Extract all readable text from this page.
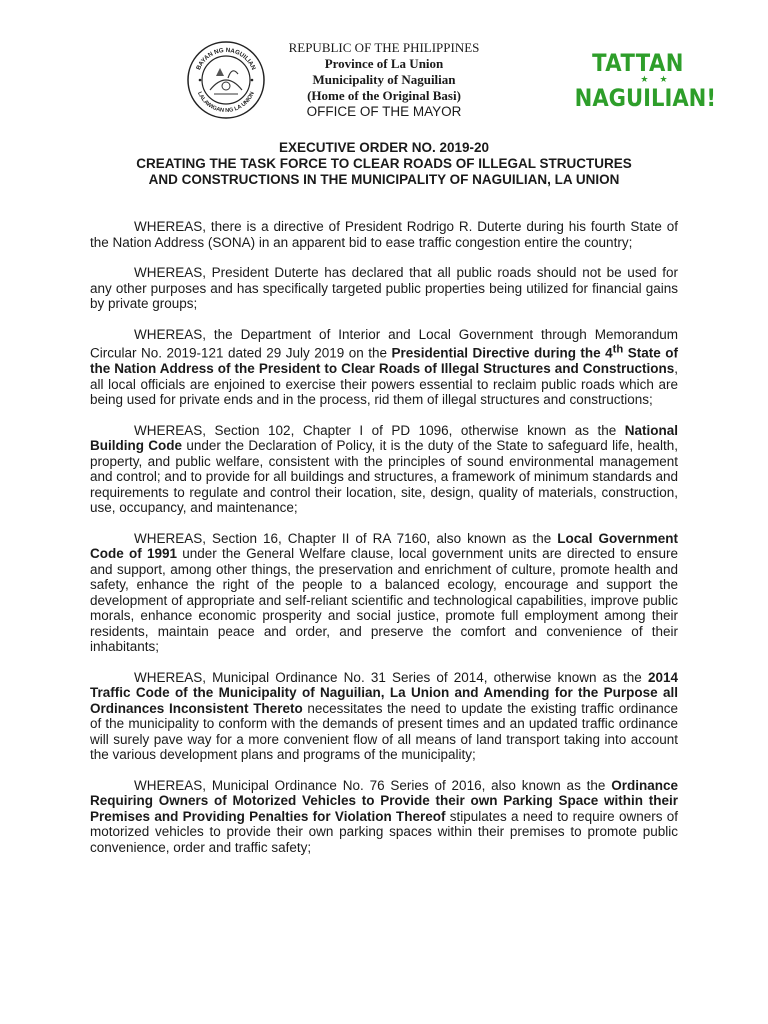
BAYAN NG NAGUILIAN
LALAWIGAN NG LA UNION
REPUBLIC OF THE PHILIPPINES
Province of La Union
Municipality of Naguilian
(Home of the Original Basi)
OFFICE OF THE MAYOR
TATTAN
★ ★
NAGUILIAN!
EXECUTIVE ORDER NO. 2019-20
CREATING THE TASK FORCE TO CLEAR ROADS OF ILLEGAL STRUCTURES
AND CONSTRUCTIONS IN THE MUNICIPALITY OF NAGUILIAN, LA UNION

WHEREAS, there is a directive of President Rodrigo R. Duterte during his fourth State of the Nation Address (SONA) in an apparent bid to ease traffic congestion entire the country;

WHEREAS, President Duterte has declared that all public roads should not be used for any other purposes and has specifically targeted public properties being utilized for financial gains by private groups;

WHEREAS, the Department of Interior and Local Government through Memorandum Circular No. 2019-121 dated 29 July 2019 on the Presidential Directive during the 4th State of the Nation Address of the President to Clear Roads of Illegal Structures and Constructions, all local officials are enjoined to exercise their powers essential to reclaim public roads which are being used for private ends and in the process, rid them of illegal structures and constructions;

WHEREAS, Section 102, Chapter I of PD 1096, otherwise known as the National Building Code under the Declaration of Policy, it is the duty of the State to safeguard life, health, property, and public welfare, consistent with the principles of sound environmental management and control; and to provide for all buildings and structures, a framework of minimum standards and requirements to regulate and control their location, site, design, quality of materials, construction, use, occupancy, and maintenance;

WHEREAS, Section 16, Chapter II of RA 7160, also known as the Local Government Code of 1991 under the General Welfare clause, local government units are directed to ensure and support, among other things, the preservation and enrichment of culture, promote health and safety, enhance the right of the people to a balanced ecology, encourage and support the development of appropriate and self-reliant scientific and technological capabilities, improve public morals, enhance economic prosperity and social justice, promote full employment among their residents, maintain peace and order, and preserve the comfort and convenience of their inhabitants;

WHEREAS, Municipal Ordinance No. 31 Series of 2014, otherwise known as the 2014 Traffic Code of the Municipality of Naguilian, La Union and Amending for the Purpose all Ordinances Inconsistent Thereto necessitates the need to update the existing traffic ordinance of the municipality to conform with the demands of present times and an updated traffic ordinance will surely pave way for a more convenient flow of all means of land transport taking into account the various development plans and programs of the municipality;

WHEREAS, Municipal Ordinance No. 76 Series of 2016, also known as the Ordinance Requiring Owners of Motorized Vehicles to Provide their own Parking Space within their Premises and Providing Penalties for Violation Thereof stipulates a need to require owners of motorized vehicles to provide their own parking spaces within their premises to promote public convenience, order and traffic safety;
